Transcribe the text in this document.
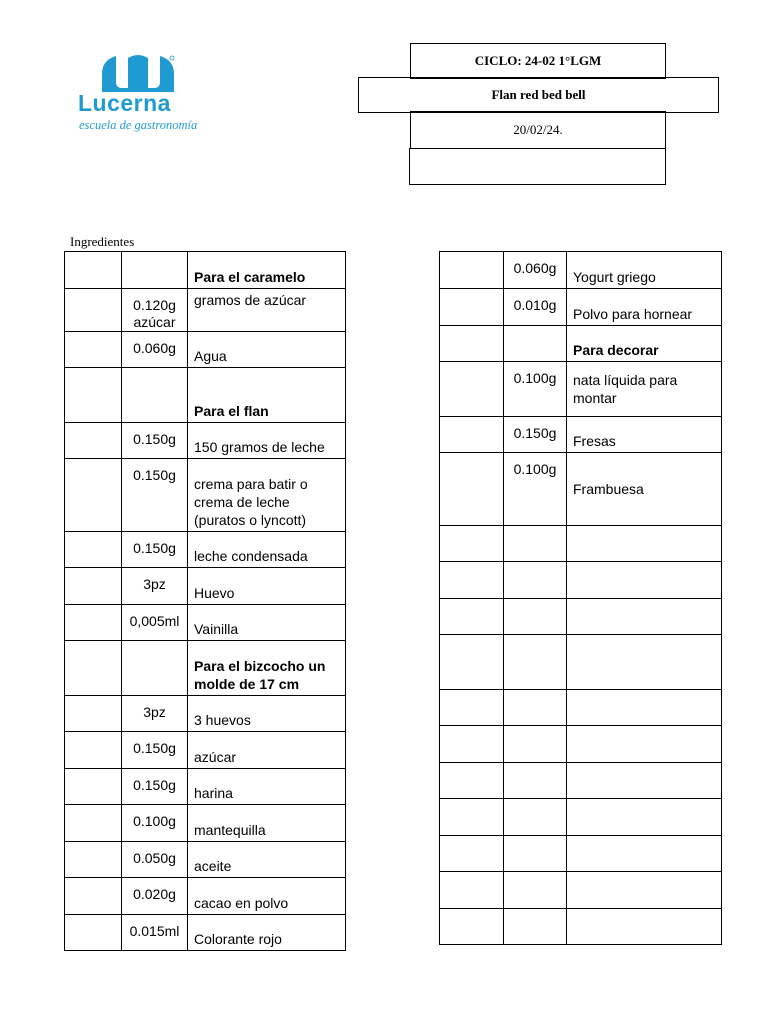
Lucerna
escuela de gastronomía
CICLO: 24-02 1°LGM
Flan red bed bell
20/02/24.
Ingredientes
		Para el caramelo
	0.120g azúcar	gramos de azúcar
	0.060g	Agua
		Para el flan
	0.150g	150 gramos de leche
	0.150g	crema para batir o crema de leche (puratos o lyncott)
	0.150g	leche condensada
	3pz	Huevo
	0,005ml	Vainilla
		Para el bizcocho un molde de 17 cm
	3pz	3 huevos
	0.150g	azúcar
	0.150g	harina
	0.100g	mantequilla
	0.050g	aceite
	0.020g	cacao en polvo
	0.015ml	Colorante rojo
	0.060g	Yogurt griego
	0.010g	Polvo para hornear
		Para decorar
	0.100g	nata líquida para montar
	0.150g	Fresas
	0.100g	Frambuesa
